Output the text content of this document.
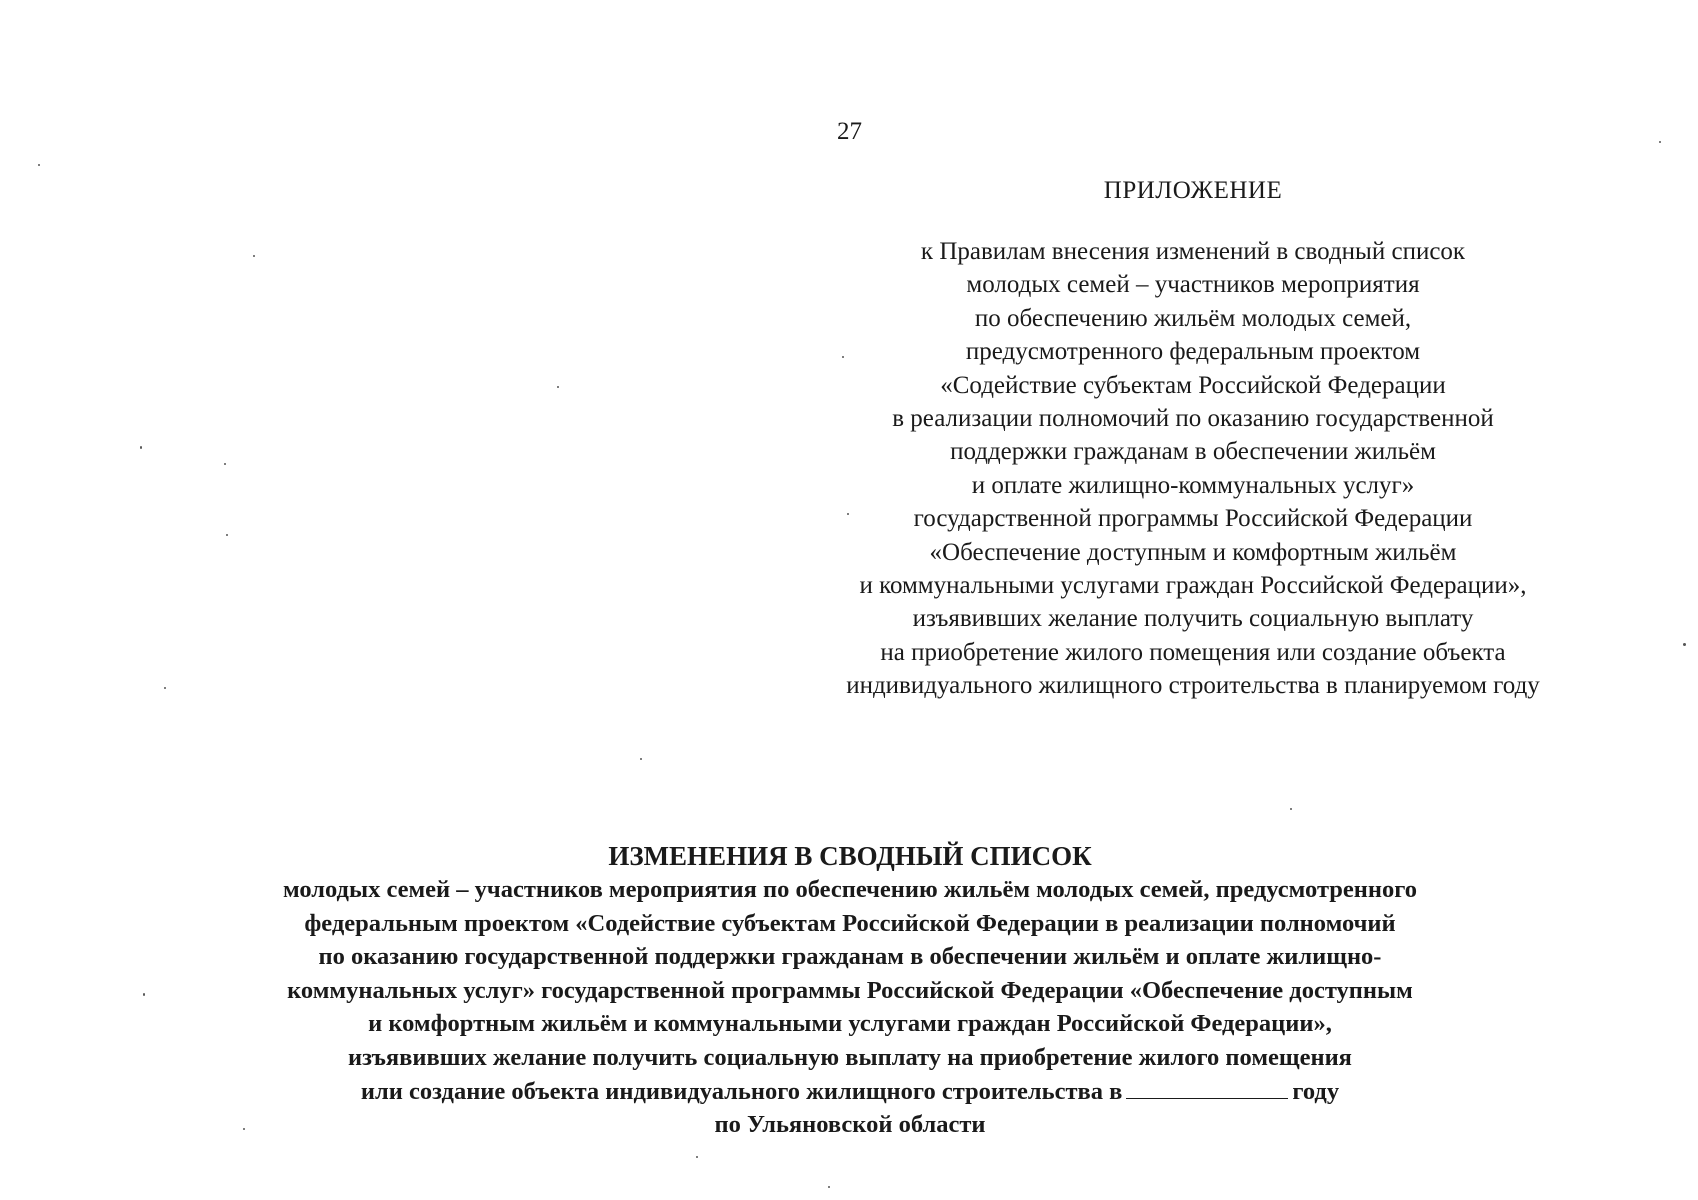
27
ПРИЛОЖЕНИЕ
к Правилам внесения изменений в сводный список
молодых семей – участников мероприятия
по обеспечению жильём молодых семей,
предусмотренного федеральным проектом
«Содействие субъектам Российской Федерации
в реализации полномочий по оказанию государственной
поддержки гражданам в обеспечении жильём
и оплате жилищно-коммунальных услуг»
государственной программы Российской Федерации
«Обеспечение доступным и комфортным жильём
и коммунальными услугами граждан Российской Федерации»,
изъявивших желание получить социальную выплату
на приобретение жилого помещения или создание объекта
индивидуального жилищного строительства в планируемом году
ИЗМЕНЕНИЯ В СВОДНЫЙ СПИСОК
молодых семей – участников мероприятия по обеспечению жильём молодых семей, предусмотренного
федеральным проектом «Содействие субъектам Российской Федерации в реализации полномочий
по оказанию государственной поддержки гражданам в обеспечении жильём и оплате жилищно-
коммунальных услуг» государственной программы Российской Федерации «Обеспечение доступным
и комфортным жильём и коммунальными услугами граждан Российской Федерации»,
изъявивших желание получить социальную выплату на приобретение жилого помещения
или создание объекта индивидуального жилищного строительства в	году
по Ульяновской области
